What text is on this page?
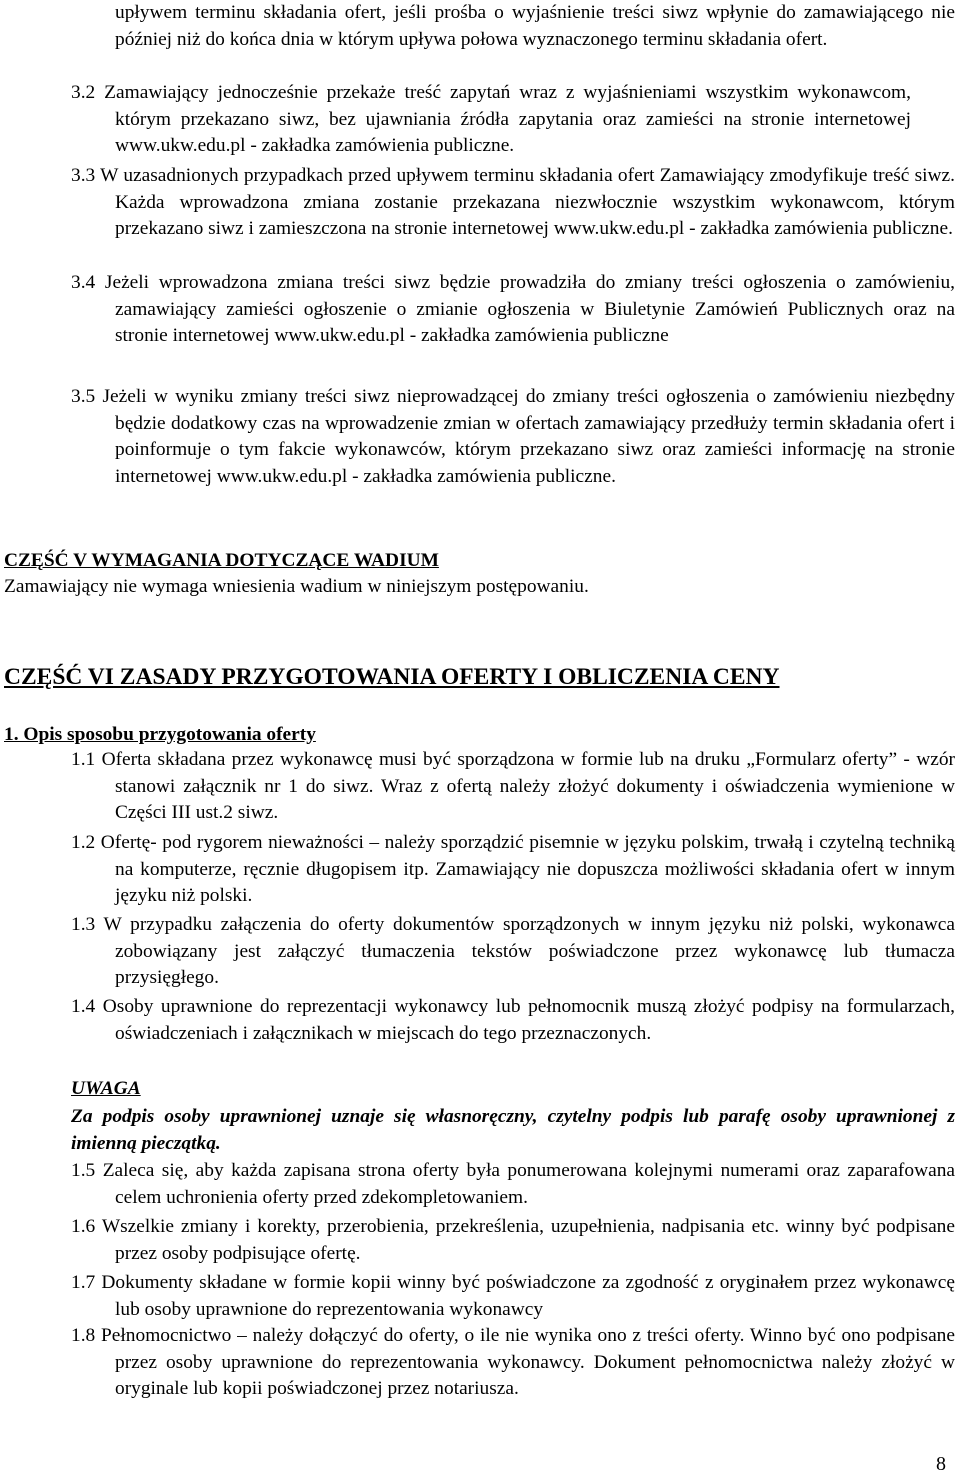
upływem terminu składania ofert, jeśli prośba o wyjaśnienie treści siwz wpłynie do zamawiającego nie później niż do końca dnia w którym upływa połowa wyznaczonego terminu składania ofert.

3.2 Zamawiający jednocześnie przekaże treść zapytań wraz z wyjaśnieniami wszystkim wykonawcom, którym przekazano siwz, bez ujawniania źródła zapytania oraz zamieści na stronie internetowej www.ukw.edu.pl - zakładka zamówienia publiczne.

3.3 W uzasadnionych przypadkach przed upływem terminu składania ofert Zamawiający zmodyfikuje treść siwz. Każda wprowadzona zmiana zostanie przekazana niezwłocznie wszystkim wykonawcom, którym przekazano siwz i zamieszczona na stronie internetowej www.ukw.edu.pl - zakładka zamówienia publiczne.

3.4 Jeżeli wprowadzona zmiana treści siwz będzie prowadziła do zmiany treści ogłoszenia o zamówieniu, zamawiający zamieści ogłoszenie o zmianie ogłoszenia w Biuletynie Zamówień Publicznych oraz na stronie internetowej www.ukw.edu.pl - zakładka zamówienia publiczne

3.5 Jeżeli w wyniku zmiany treści siwz nieprowadzącej do zmiany treści ogłoszenia o zamówieniu niezbędny będzie dodatkowy czas na wprowadzenie zmian w ofertach zamawiający przedłuży termin składania ofert i poinformuje o tym fakcie wykonawców, którym przekazano siwz oraz zamieści informację na stronie internetowej www.ukw.edu.pl - zakładka zamówienia publiczne.

CZĘŚĆ V WYMAGANIA DOTYCZĄCE WADIUM

Zamawiający nie wymaga wniesienia wadium w niniejszym postępowaniu.

CZĘŚĆ VI ZASADY PRZYGOTOWANIA OFERTY I OBLICZENIA CENY

1. Opis sposobu przygotowania oferty

1.1 Oferta składana przez wykonawcę musi być sporządzona w formie lub na druku „Formularz oferty” - wzór stanowi załącznik nr 1 do siwz. Wraz z ofertą należy złożyć dokumenty i oświadczenia wymienione w Części III ust.2 siwz.

1.2 Ofertę- pod rygorem nieważności – należy sporządzić pisemnie w języku polskim, trwałą i czytelną techniką na komputerze, ręcznie długopisem itp. Zamawiający nie dopuszcza możliwości składania ofert w innym języku niż polski.

1.3 W przypadku załączenia do oferty dokumentów sporządzonych w innym języku niż polski, wykonawca zobowiązany jest załączyć tłumaczenia tekstów poświadczone przez wykonawcę lub tłumacza przysięgłego.

1.4 Osoby uprawnione do reprezentacji wykonawcy lub pełnomocnik muszą złożyć podpisy na formularzach, oświadczeniach i załącznikach w miejscach do tego przeznaczonych.

UWAGA

Za podpis osoby uprawnionej uznaje się własnoręczny, czytelny podpis lub parafę osoby uprawnionej z imienną pieczątką.

1.5 Zaleca się, aby każda zapisana strona oferty była ponumerowana kolejnymi numerami oraz zaparafowana celem uchronienia oferty przed zdekompletowaniem.

1.6 Wszelkie zmiany i korekty, przerobienia, przekreślenia, uzupełnienia, nadpisania etc. winny być podpisane przez osoby podpisujące ofertę.

1.7 Dokumenty składane w formie kopii winny być poświadczone za zgodność z oryginałem przez wykonawcę lub osoby uprawnione do reprezentowania wykonawcy

1.8 Pełnomocnictwo – należy dołączyć do oferty, o ile nie wynika ono z treści oferty. Winno być ono podpisane przez osoby uprawnione do reprezentowania wykonawcy. Dokument pełnomocnictwa należy złożyć w oryginale lub kopii poświadczonej przez notariusza.

8
